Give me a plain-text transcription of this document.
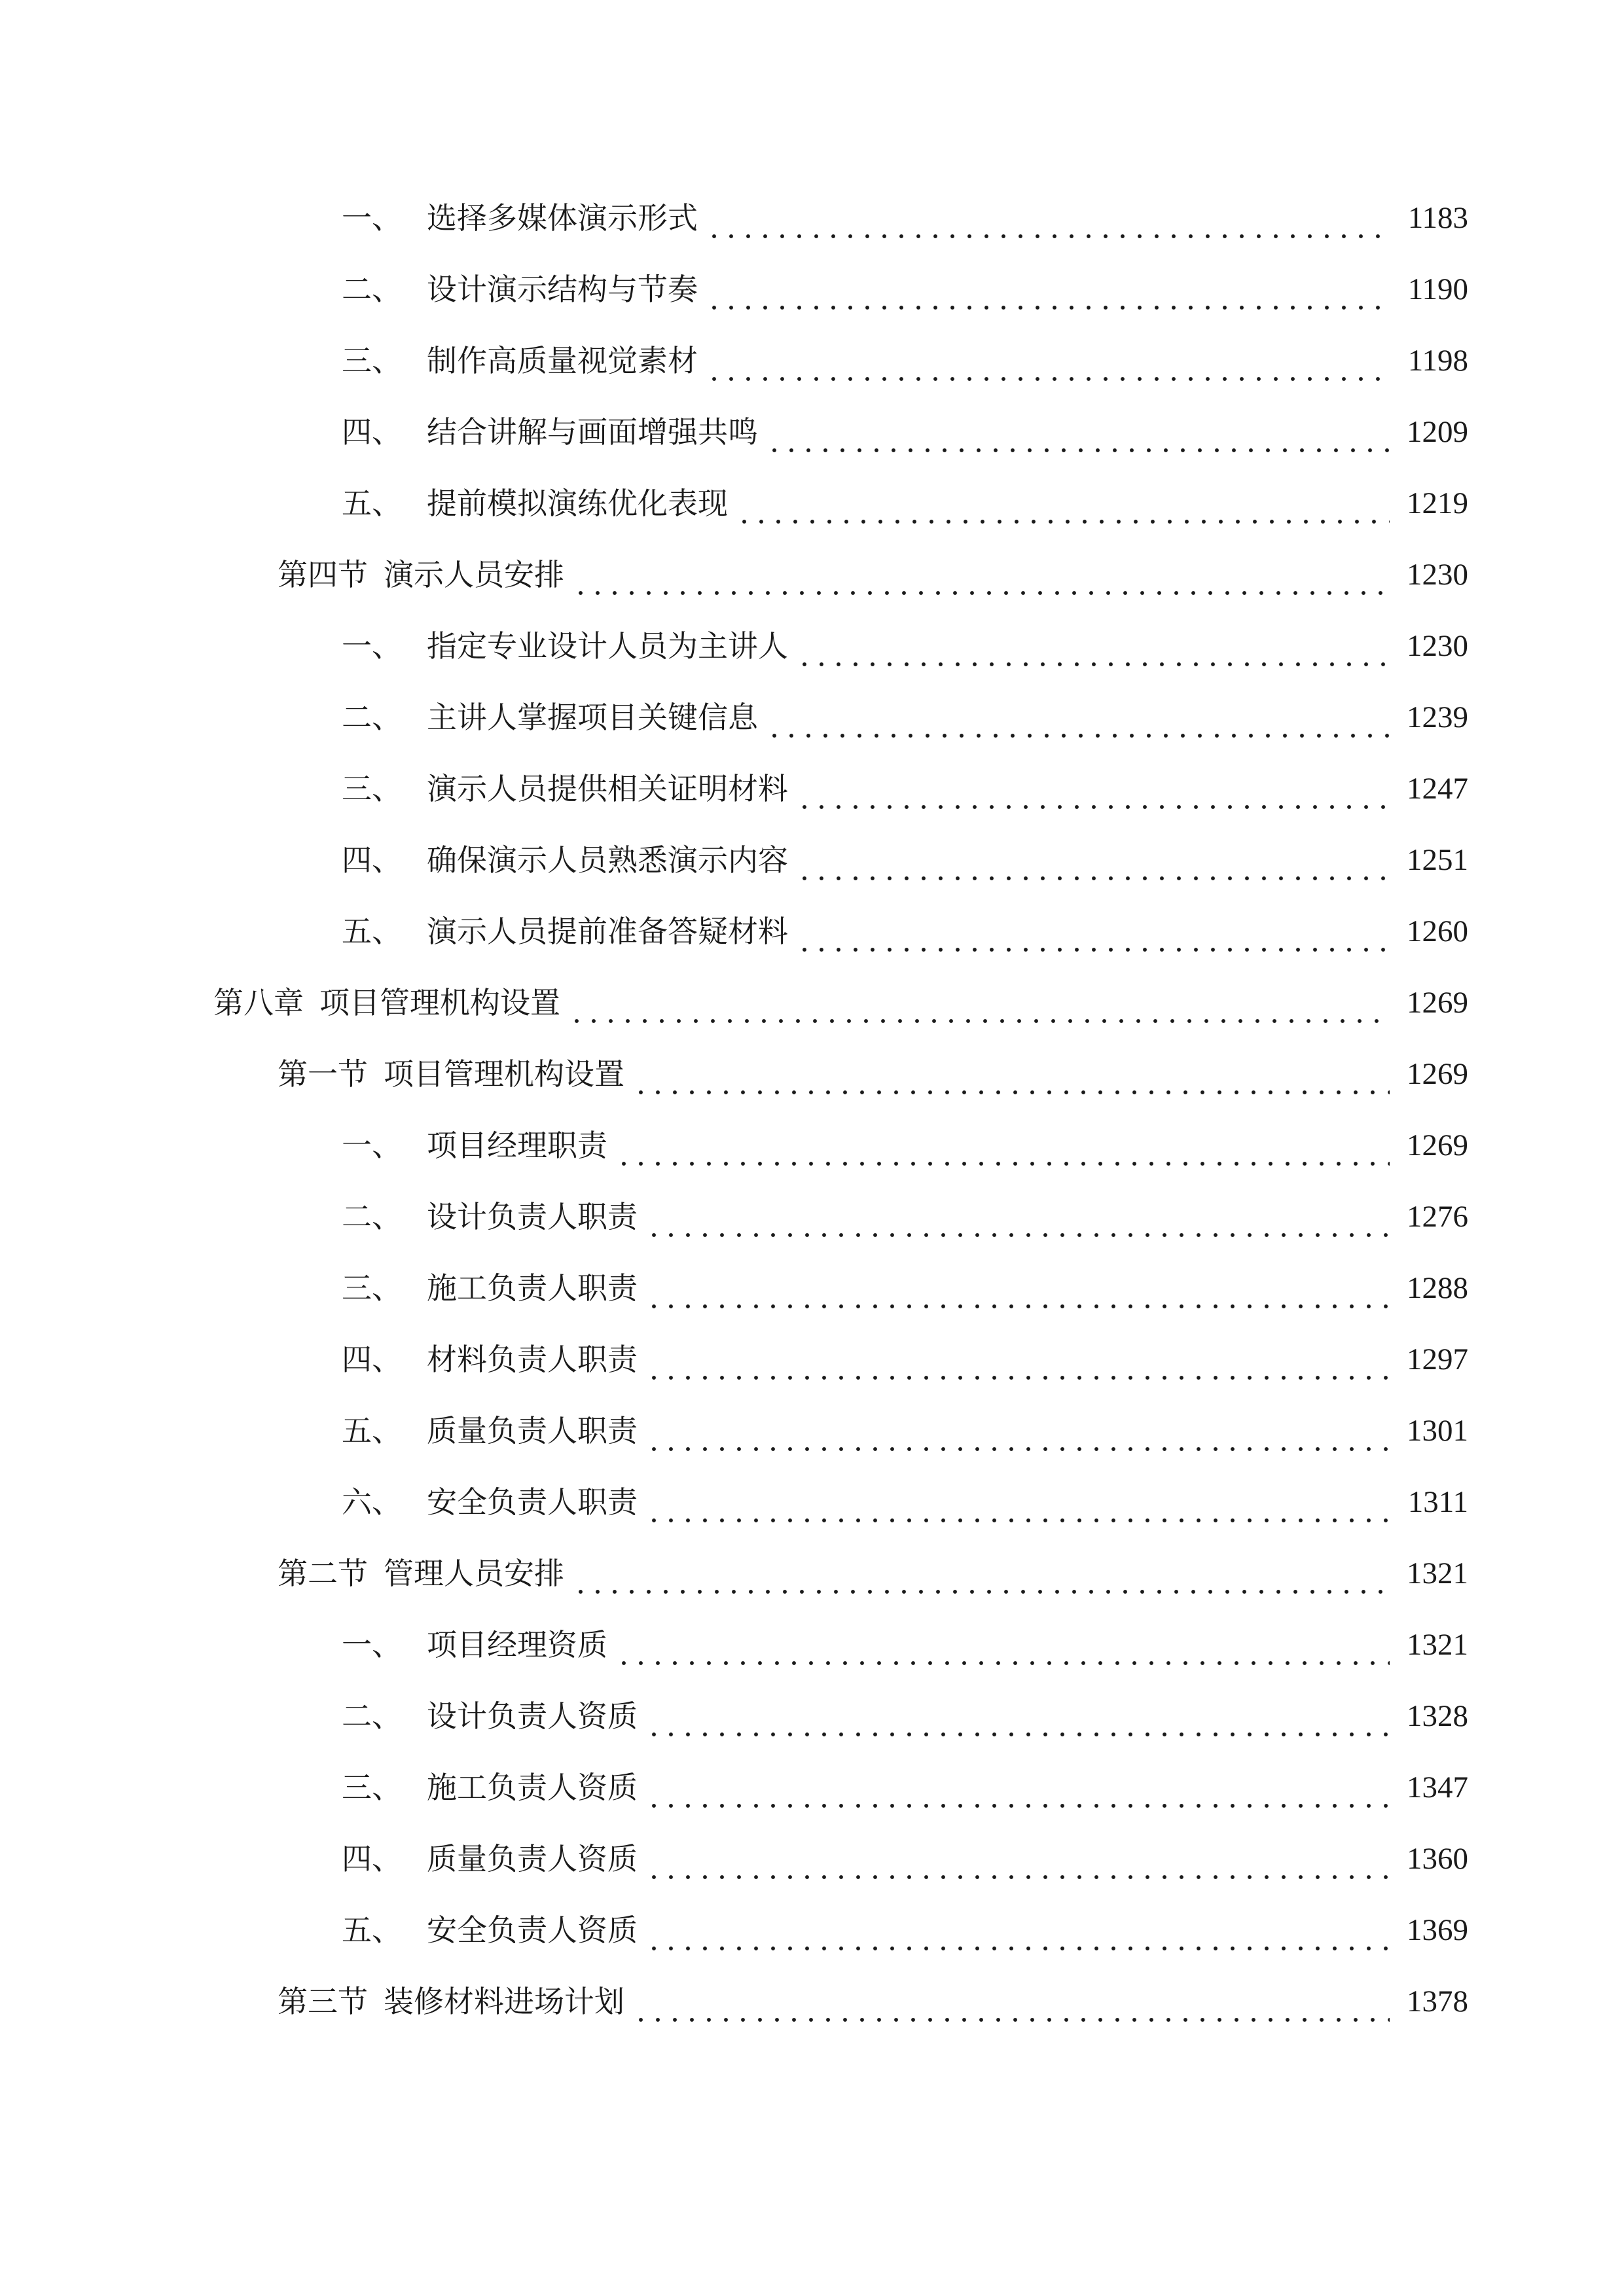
一、 选择多媒体演示形式	1183
二、 设计演示结构与节奏	1190
三、 制作高质量视觉素材	1198
四、 结合讲解与画面增强共鸣	1209
五、 提前模拟演练优化表现	1219
第四节 演示人员安排	1230
一、 指定专业设计人员为主讲人	1230
二、 主讲人掌握项目关键信息	1239
三、 演示人员提供相关证明材料	1247
四、 确保演示人员熟悉演示内容	1251
五、 演示人员提前准备答疑材料	1260
第八章 项目管理机构设置	1269
第一节 项目管理机构设置	1269
一、 项目经理职责	1269
二、 设计负责人职责	1276
三、 施工负责人职责	1288
四、 材料负责人职责	1297
五、 质量负责人职责	1301
六、 安全负责人职责	1311
第二节 管理人员安排	1321
一、 项目经理资质	1321
二、 设计负责人资质	1328
三、 施工负责人资质	1347
四、 质量负责人资质	1360
五、 安全负责人资质	1369
第三节 装修材料进场计划	1378
